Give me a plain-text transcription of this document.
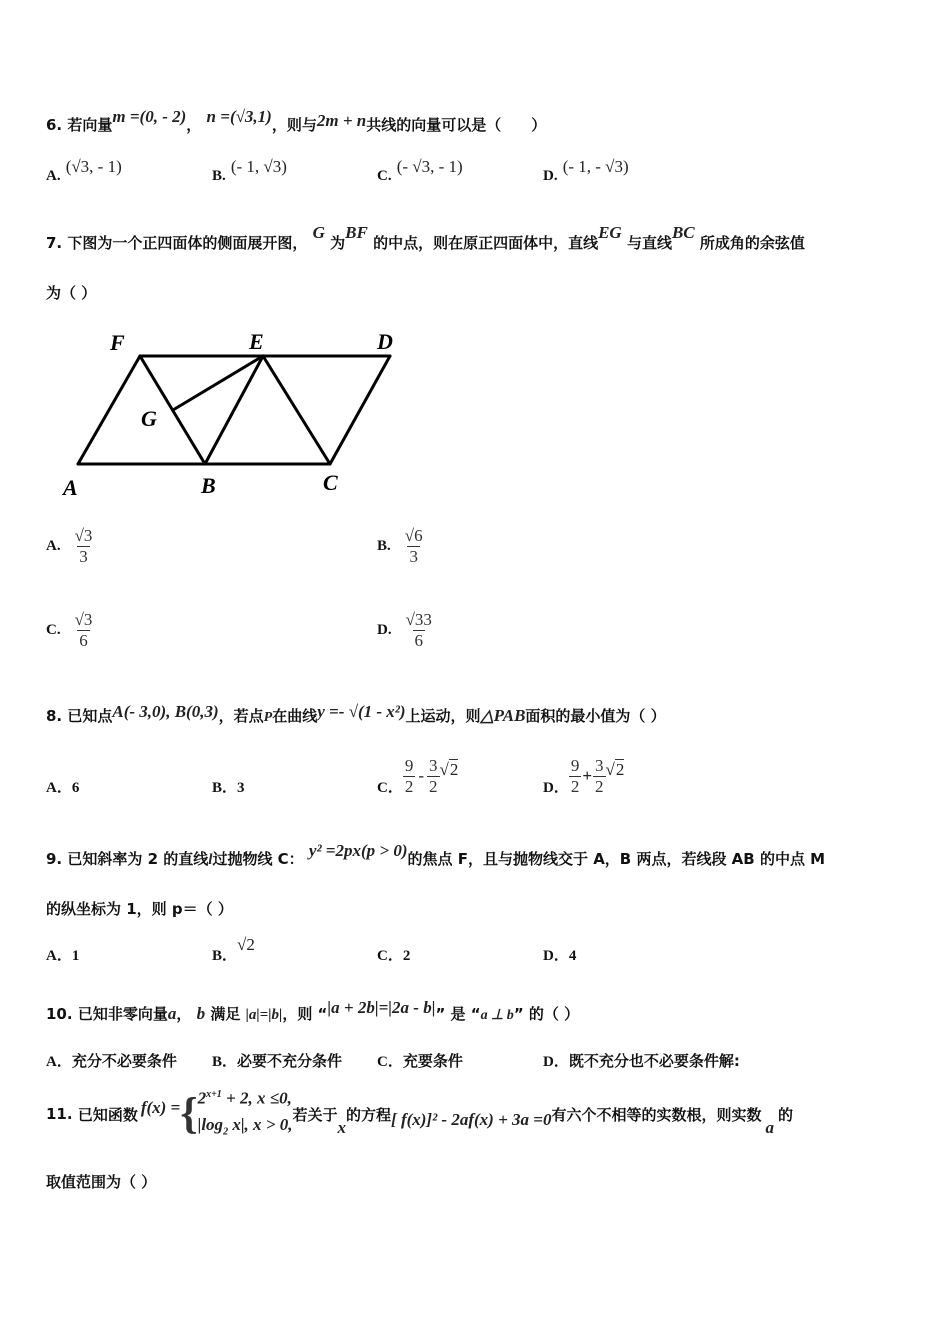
6. 若向量m =(0, - 2)， n =(√3,1)，则与2m + n共线的向量可以是（　　）
A. (√3, - 1)	B. (- 1, √3)	C. (- √3, - 1)	D. (- 1, - √3)
7. 下图为一个正四面体的侧面展开图， G 为BF 的中点，则在原正四面体中，直线EG 与直线BC 所成角的余弦值
为（ ）
F	E	D
G
A	B	C
A. $\frac{√3}{3}$	B. $\frac{√6}{3}$
C. $\frac{√3}{6}$	D. $\frac{√33}{6}$
8. 已知点A(- 3,0), B(0,3)，若点P在曲线y =- √(1 - x²)上运动，则△PAB面积的最小值为（ ）
A．6	B．3	C． $\frac{9}{2} - \frac{3}{2} √2$
D． $\frac{9}{2} + \frac{3}{2} √2$
9. 已知斜率为 2 的直线l过抛物线 C： y² =2px(p > 0)的焦点 F，且与抛物线交于 A，B 两点，若线段 AB 的中点 M
的纵坐标为 1，则 p＝（ ）
A．1	B．√2
C．2	D．4
10. 已知非零向量a， b 满足 |a|=|b|，则 “|a + 2b|=|2a - b|” 是 “a ⊥ b” 的（ ）
A．充分不必要条件 B．必要不充分条件 C．充要条件	D．既不充分也不必要条件解:
11.
已知函数 f(x) = { $2^{x+1} + 2$, x ≤0,
$|\log_2$ x|, x > 0,
若关于
x
的方程 [ f(x)]² - 2af(x) + 3a =0 有六个不相等的实数根，则实数
a
的
取值范围为（ ）
